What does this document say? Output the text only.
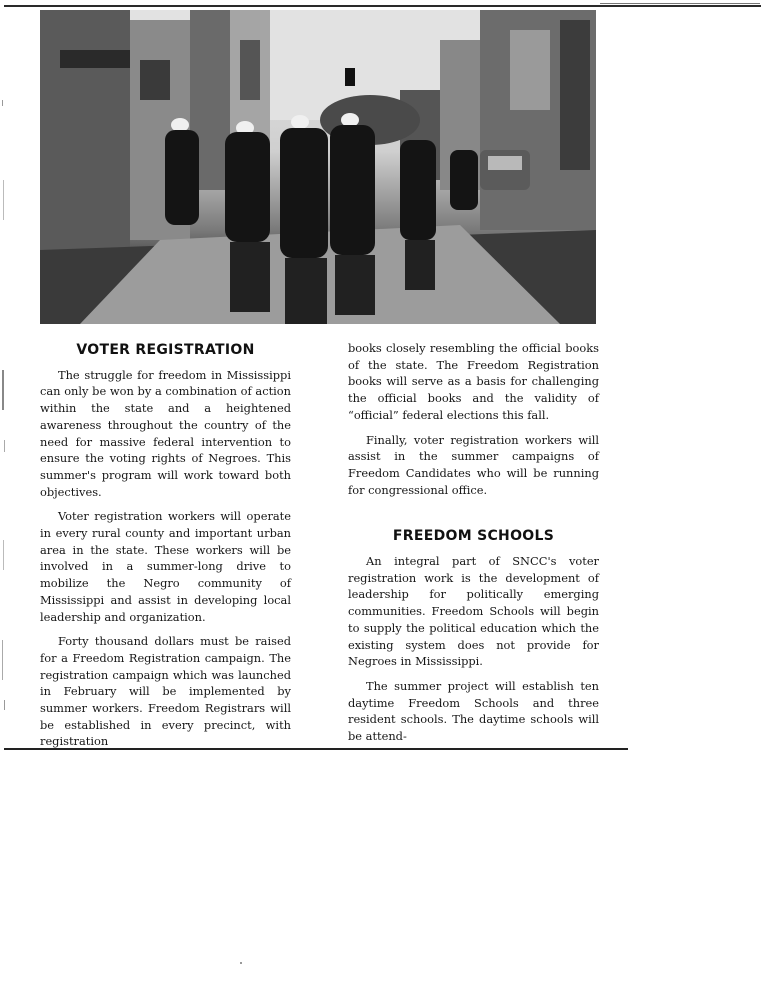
VOTER REGISTRATION

The struggle for freedom in Mississippi can only be won by a combination of action within the state and a heightened awareness throughout the country of the need for massive federal intervention to ensure the voting rights of Negroes. This summer's program will work toward both objectives.

Voter registration workers will operate in every rural county and important urban area in the state. These workers will be involved in a summer-long drive to mobilize the Negro community of Mississippi and assist in developing local leadership and organization.

Forty thousand dollars must be raised for a Freedom Registration campaign. The registration campaign which was launched in February will be implemented by summer workers. Freedom Registrars will be established in every precinct, with registration

books closely resembling the official books of the state. The Freedom Registration books will serve as a basis for challenging the official books and the validity of “official” federal elections this fall.

Finally, voter registration workers will assist in the summer campaigns of Freedom Candidates who will be running for congressional office.

FREEDOM SCHOOLS

An integral part of SNCC's voter registration work is the development of leadership for politically emerging communities. Freedom Schools will begin to supply the political education which the existing system does not provide for Negroes in Mississippi.

The summer project will establish ten daytime Freedom Schools and three resident schools. The daytime schools will be attend-
